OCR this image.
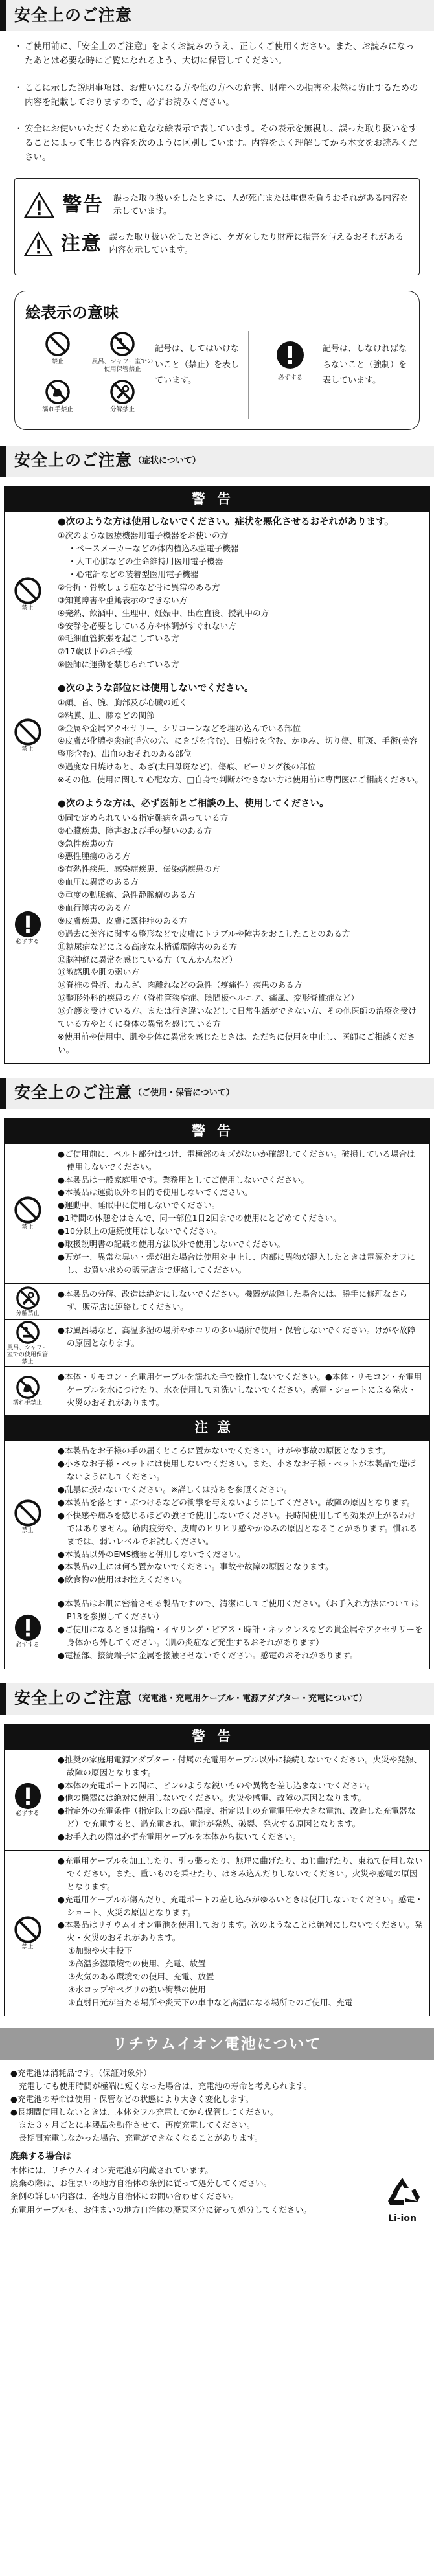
安全上のご注意
・ ご使用前に、「安全上のご注意」をよくお読みのうえ、正しくご使用ください。また、お読みになったあとは必要な時にご覧になれるよう、大切に保管してください。
・ ここに示した説明事項は、お使いになる方や他の方への危害、財産への損害を未然に防止するための内容を記載しておりますので、必ずお読みください。
・ 安全にお使いいただくために危なな絵表示で表しています。その表示を無視し、誤った取り扱いをすることによって生じる内容を次のように区別しています。内容をよく理解してから本文をお読みください。
警告	誤った取り扱いをしたときに、人が死亡または重傷を負うおそれがある内容を示しています。
注意 誤った取り扱いをしたときに、ケガをしたり財産に損害を与えるおそれがある内容を示しています。
絵表示の意味
禁止	風呂、シャワー室での使用保管禁止
濡れ手禁止	分解禁止
記号は、してはいけないこと（禁止）を表しています。	必ずする
記号は、しなければならないこと（強制）を表しています。
安全上のご注意 （症状について）
警告
禁止

●次のような方は使用しないでください。症状を悪化させるおそれがあります。

①次のような医療機器用電子機器をお使いの方

・ペースメーカーなどの体内植込み型電子機器

・人工心肺などの生命維持用医用電子機器

・心電計などの装着型医用電子機器

②骨折・骨軟しょう症など骨に異常のある方

③知覚障害や重篤表示のできない方

④発熱、飲酒中、生理中、妊娠中、出産直後、授乳中の方

⑤安静を必要としている方や体調がすぐれない方

⑥毛細血管拡張を起こしている方

⑦17歳以下のお子様

⑧医師に運動を禁じられている方

禁止

●次のような部位には使用しないでください。

①顔、首、腕、胸部及び心臓の近く

②粘膜、肛、膝などの関節

③金属や金属アクセサリー、シリコーンなどを埋め込んでいる部位

④皮膚が化膿や炎症(毛穴の穴、にきびを含む)、日焼けを含む、かゆみ、切り傷、肝斑、手術(美容整形含む)、出血のおそれのある部位

⑤過度な日焼けあと、あざ(太田母斑など)、傷痕、ピーリング後の部位

※その他、使用に関して心配な方、□自身で判断ができない方は使用前に専門医にご相談ください。

必ずする

●次のような方は、必ず医師とご相談の上、使用してください。

①固で定められている指定難病を患っている方

②心臓疾患、障害および手の疑いのある方

③急性疾患の方

④悪性腫瘍のある方

⑤有熱性疾患、感染症疾患、伝染病疾患の方

⑥血圧に異常のある方

⑦重度の動脈瘤、急性静脈瘤のある方

⑧血行障害のある方

⑨皮膚疾患、皮膚に既往症のある方

⑩過去に美容に関する整形などで皮膚にトラブルや障害をおこしたことのある方

⑪糖尿病などによる高度な末梢循環障害のある方

⑫脳神経に異常を感じている方（てんかんなど）

⑬敏感肌や肌の弱い方

⑭脊椎の骨折、ねんざ、肉離れなどの急性（疼痛性）疾患のある方

⑮整形外科的疾患の方（脊椎管狭窄症、陰間板ヘルニア、痛風、変形脊椎症など）

⑯介護を受けている方、または行き違いなどして日常生活ができない方、その他医師の治療を受けている方やとくに身体の異常を感じている方

※使用前や使用中、肌や身体に異常を感じたときは、ただちに使用を中止し、医師にご相談ください。

安全上のご注意 （ご使用・保管について）
警告
禁止

●ご使用前に、ベルト部分はつけ、電極部のキズがないか確認してください。破損している場合は使用しないでください。

●本製品は一般家庭用です。業務用としてご使用しないでください。

●本製品は運動以外の目的で使用しないでください。

●運動中、睡眠中に使用しないでください。

●1時間の休憩をはさんで、同一部位1日2回までの使用にとどめてください。

●10分以上の連続使用はしないでください。

●取扱説明書の記載の使用方法以外で使用しないでください。

●万が一、異常な臭い・煙が出た場合は使用を中止し、内部に異物が混入したときは電源をオフにし、お買い求めの販売店まで連絡してください。

分解禁止

●本製品の分解、改造は絶対にしないでください。機器が故障した場合には、勝手に修理なさらず、販売店に連絡してください。

風呂、シャワー室での使用保管禁止

●お風呂場など、高温多湿の場所やホコリの多い場所で使用・保管しないでください。けがや故障の原因となります。

濡れ手禁止

●本体・リモコン・充電用ケーブルを濡れた手で操作しないでください。●本体・リモコン・充電用ケーブルを水につけたり、水を使用して丸洗いしないでください。感電・ショートによる発火・火災のおそれがあります。

注意
禁止

●本製品をお子様の手の届くところに置かないでください。けがや事故の原因となります。

●小さなお子様・ペットには使用しないでください。また、小さなお子様・ペットが本製品で遊ばないようにしてください。

●乱暴に扱わないでください。※詳しくは持ちを参照ください。

●本製品を落とす・ぶつけるなどの衝撃を与えないようにしてください。故障の原因となります。

●不快感や痛みを感じるほどの強さで使用しないでください。長時間使用しても効果が上がるわけではありません。筋肉疲労や、皮膚のヒリヒリ感やかゆみの原因となることがあります。慣れるまでは、弱いレベルでお試しください。

●本製品以外のEMS機器と併用しないでください。

●本製品の上には何も置かないでください。事故や故障の原因となります。

●飲食物の使用はお控えください。

必ずする

●本製品はお肌に密着させる製品ですので、清潔にしてご使用ください。（お手入れ方法については P13を参照してください）

●ご使用になるときは指輪・イヤリング・ピアス・時計・ネックレスなどの貴金属やアクセサリーを身体から外してください。（肌の炎症など発生するおそれがあります）

●電極部、接続端子に金属を接触させないでください。感電のおそれがあります。

安全上のご注意 （充電池・充電用ケーブル・電源アダプター・充電について）
警告
必ずする

●推奨の家庭用電源アダプター・付属の充電用ケーブル以外に接続しないでください。火災や発熱、故障の原因となります。

●本体の充電ポートの間に、ピンのような鋭いものや異物を差し込まないでください。

●他の機器には絶対に使用しないでください。火災や感電、故障の原因となります。

●指定外の充電条件（指定以上の高い温度、指定以上の充電電圧や大きな電流、改造した充電器など）で充電すると、過充電され、電池が発熱、破裂、発火する原因となります。

●お手入れの際は必ず充電用ケーブルを本体から抜いてください。

禁止

●充電用ケーブルを加工したり、引っ張ったり、無理に曲げたり、ねじ曲げたり、束ねて使用しないでください。また、重いものを乗せたり、はさみ込んだりしないでください。火災や感電の原因となります。

●充電用ケーブルが傷んだり、充電ポートの差し込みがゆるいときは使用しないでください。感電・ショート、火災の原因となります。

●本製品はリチウムイオン電池を使用しております。次のようなことは絶対にしないでください。発火・火災のおそれがあります。

①加熱や火中投下

②高温多湿環境での使用、充電、放置

③火気のある環境での使用、充電、放置

④水コップやペグリの強い衝撃の使用

⑤直射日光が当たる場所や炎天下の車中など高温になる場所でのご使用、充電

リチウムイオン電池について

●充電池は消耗品です。（保証対象外）

　充電しても使用時間が極端に短くなった場合は、充電池の寿命と考えられます。

●充電池の寿命は使用・保管などの状態により大きく変化します。

●長期間使用しないときは、本体をフル充電してから保管してください。

　また３ヶ月ごとに本製品を動作させて、再度充電してください。

　長期間充電しなかった場合、充電ができなくなることがあります。

廃棄する場合は

本体には、リチウムイオン充電池が内蔵されています。

廃棄の際は、お住まいの地方自治体の条例に従って処分してください。

条例の詳しい内容は、各地方自治体にお問い合わせください。

充電用ケーブルも、お住まいの地方自治体の廃棄区分に従って処分してください。

Li-ion
